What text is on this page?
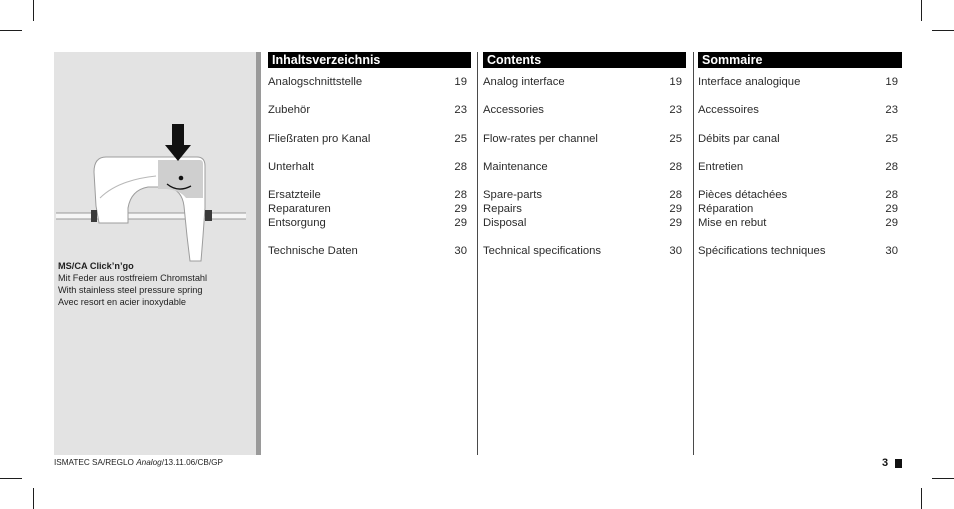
MS/CA Click’n’go
Mit Feder aus rostfreiem Chromstahl
With stainless steel pressure spring
Avec resort en acier inoxydable
Inhaltsverzeichnis
Analogschnittstelle	19
Zubehör	23
Fließraten pro Kanal	25
Unterhalt	28
Ersatzteile	28
Reparaturen	29
Entsorgung	29
Technische Daten	30
Contents
Analog interface	19
Accessories	23
Flow-rates per channel	25
Maintenance	28
Spare-parts	28
Repairs	29
Disposal	29
Technical specifications	30
Sommaire
Interface analogique	19
Accessoires	23
Débits par canal	25
Entretien	28
Pièces détachées	28
Réparation	29
Mise en rebut	29
Spécifications techniques	30
ISMATEC SA/REGLO Analog/13.11.06/CB/GP	3
